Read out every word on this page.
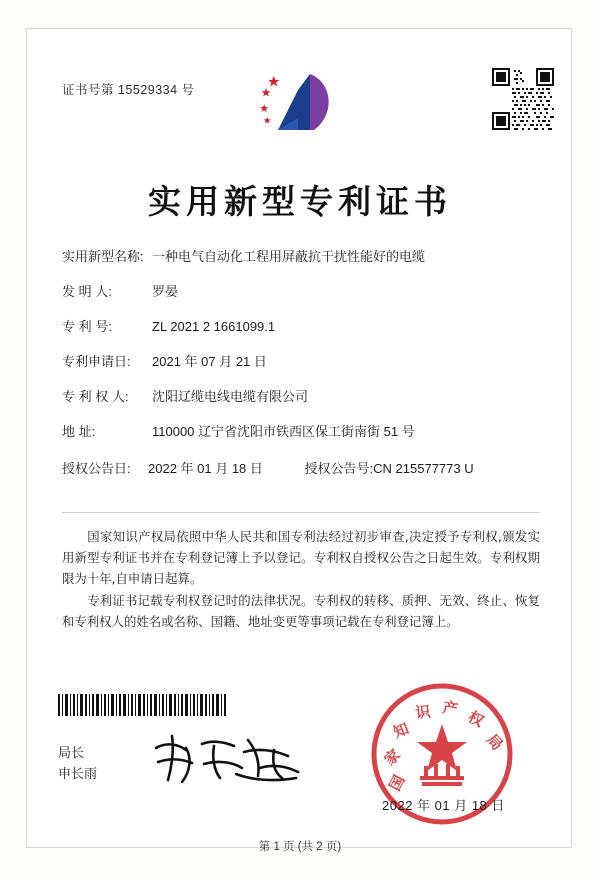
证书号第 15529334 号
实用新型专利证书
实用新型名称: 一种电气自动化工程用屏蔽抗干扰性能好的电缆
发 明 人:	罗晏
专 利 号:	ZL 2021 2 1661099.1
专利申请日: 2021 年 07 月 21 日
专 利 权 人: 沈阳辽缆电线电缆有限公司
地 址:	110000 辽宁省沈阳市铁西区保工街南街 51 号
授权公告日: 2022 年 01 月 18 日	授权公告号:CN 215577773 U
国家知识产权局依照中华人民共和国专利法经过初步审查,决定授予专利权,颁发实用新型专利证书并在专利登记簿上予以登记。专利权自授权公告之日起生效。专利权期限为十年,自申请日起算。
专利证书记载专利权登记时的法律状况。专利权的转移、质押、无效、终止、恢复和专利权人的姓名或名称、国籍、地址变更等事项记载在专利登记簿上。
局长
申长雨	国
家
知
识 产 权
局
2022 年 01 月 18 日
第 1 页 (共 2 页)
